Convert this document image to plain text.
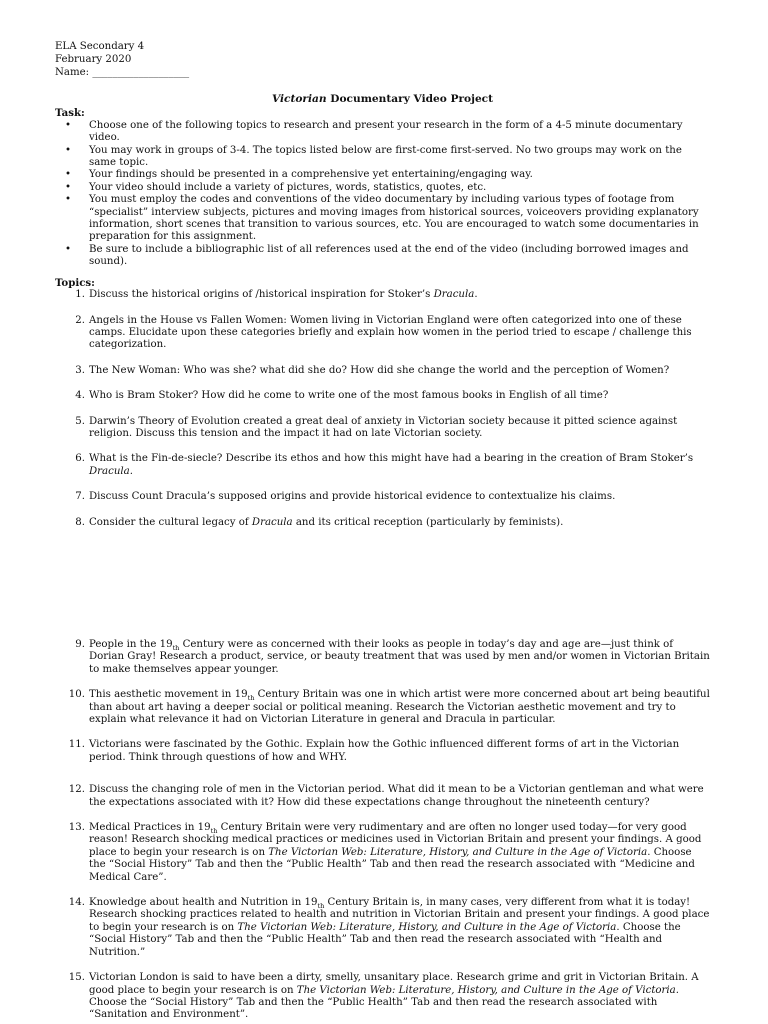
ELA Secondary 4
February 2020
Name: ___________________
Victorian Documentary Video Project
Task:
• Choose one of the following topics to research and present your research in the form of a 4-5 minute documentary video.
• You may work in groups of 3-4. The topics listed below are first-come first-served. No two groups may work on the same topic.
• Your findings should be presented in a comprehensive yet entertaining/engaging way.
• Your video should include a variety of pictures, words, statistics, quotes, etc.
• You must employ the codes and conventions of the video documentary by including various types of footage from “specialist” interview subjects, pictures and moving images from historical sources, voiceovers providing explanatory information, short scenes that transition to various sources, etc. You are encouraged to watch some documentaries in preparation for this assignment.
• Be sure to include a bibliographic list of all references used at the end of the video (including borrowed images and sound).
Topics:
1. Discuss the historical origins of /historical inspiration for Stoker’s Dracula.
2. Angels in the House vs Fallen Women: Women living in Victorian England were often categorized into one of these camps. Elucidate upon these categories briefly and explain how women in the period tried to escape / challenge this categorization.
3. The New Woman: Who was she? what did she do? How did she change the world and the perception of Women?
4. Who is Bram Stoker? How did he come to write one of the most famous books in English of all time?
5. Darwin’s Theory of Evolution created a great deal of anxiety in Victorian society because it pitted science against religion. Discuss this tension and the impact it had on late Victorian society.
6. What is the Fin-de-siecle? Describe its ethos and how this might have had a bearing in the creation of Bram Stoker’s Dracula.
7. Discuss Count Dracula’s supposed origins and provide historical evidence to contextualize his claims.
8. Consider the cultural legacy of Dracula and its critical reception (particularly by feminists).
9. People in the $19_{th}$ Century were as concerned with their looks as people in today’s day and age are—just think of Dorian Gray! Research a product, service, or beauty treatment that was used by men and/or women in Victorian Britain to make themselves appear younger.
10. This aesthetic movement in $19_{th}$ Century Britain was one in which artist were more concerned about art being beautiful than about art having a deeper social or political meaning. Research the Victorian aesthetic movement and try to explain what relevance it had on Victorian Literature in general and Dracula in particular.
11. Victorians were fascinated by the Gothic. Explain how the Gothic influenced different forms of art in the Victorian period. Think through questions of how and WHY.
12. Discuss the changing role of men in the Victorian period. What did it mean to be a Victorian gentleman and what were the expectations associated with it? How did these expectations change throughout the nineteenth century?
13. Medical Practices in $19_{th}$ Century Britain were very rudimentary and are often no longer used today—for very good reason! Research shocking medical practices or medicines used in Victorian Britain and present your findings. A good place to begin your research is on The Victorian Web: Literature, History, and Culture in the Age of Victoria. Choose the “Social History” Tab and then the “Public Health” Tab and then read the research associated with “Medicine and Medical Care”.
14. Knowledge about health and Nutrition in $19_{th}$ Century Britain is, in many cases, very different from what it is today! Research shocking practices related to health and nutrition in Victorian Britain and present your findings. A good place to begin your research is on The Victorian Web: Literature, History, and Culture in the Age of Victoria. Choose the “Social History” Tab and then the “Public Health” Tab and then read the research associated with “Health and Nutrition.”
15. Victorian London is said to have been a dirty, smelly, unsanitary place. Research grime and grit in Victorian Britain. A good place to begin your research is on The Victorian Web: Literature, History, and Culture in the Age of Victoria. Choose the “Social History” Tab and then the “Public Health” Tab and then read the research associated with “Sanitation and Environment”.
